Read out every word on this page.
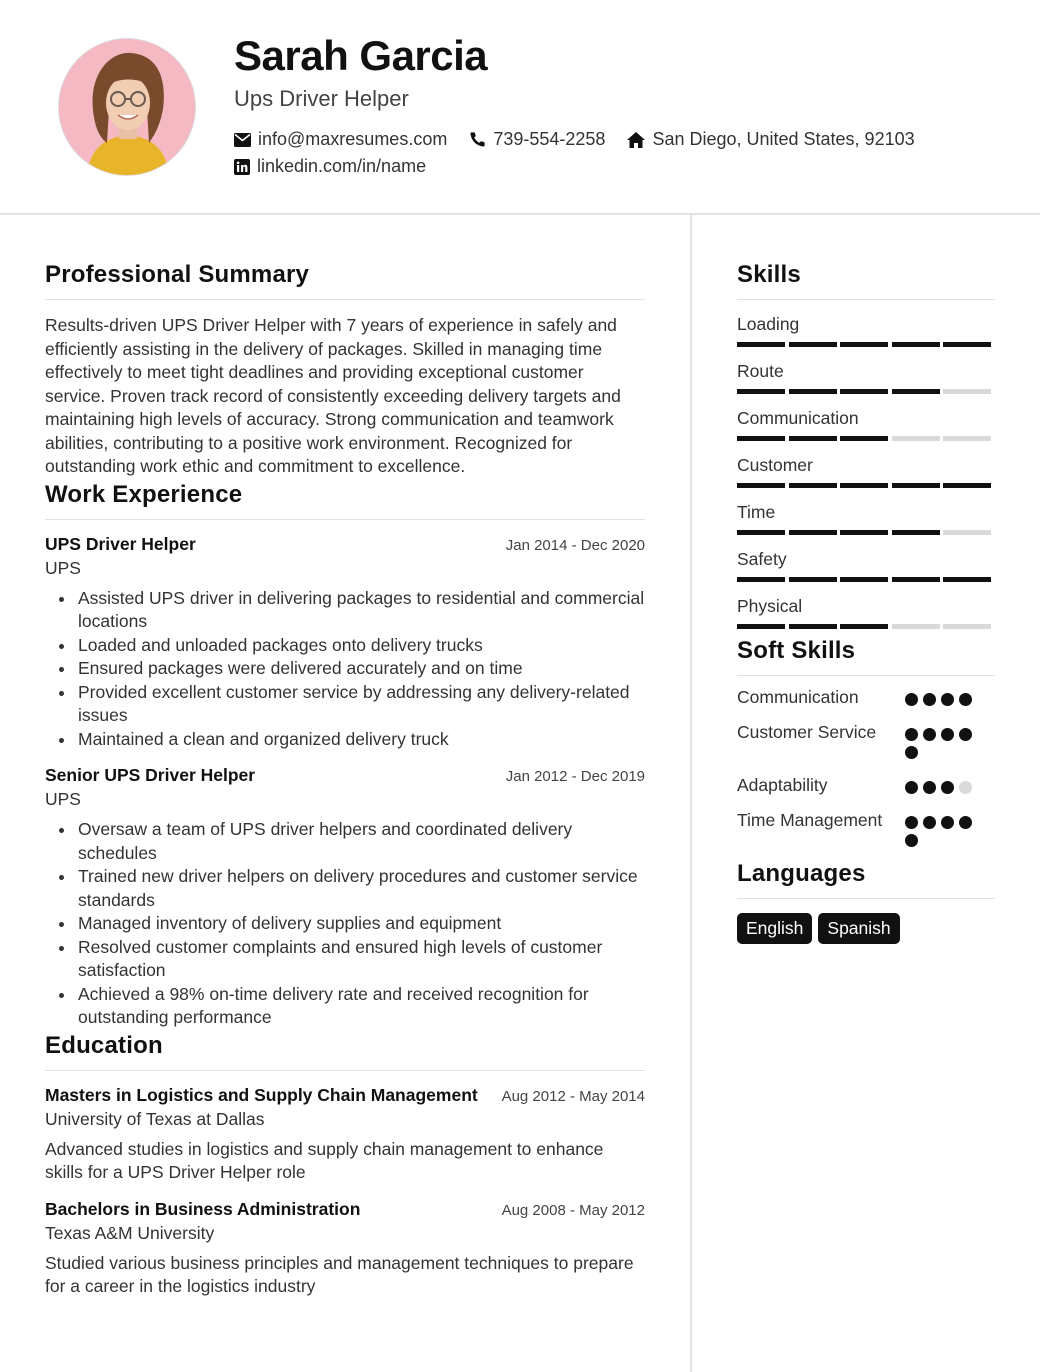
Sarah Garcia
Ups Driver Helper
info@maxresumes.com	739-554-2258	San Diego, United States, 92103
linkedin.com/in/name
Professional Summary

Results-driven UPS Driver Helper with 7 years of experience in safely and efficiently assisting in the delivery of packages. Skilled in managing time effectively to meet tight deadlines and providing exceptional customer service. Proven track record of consistently exceeding delivery targets and maintaining high levels of accuracy. Strong communication and teamwork abilities, contributing to a positive work environment. Recognized for outstanding work ethic and commitment to excellence.

Work Experience
UPS Driver Helper	Jan 2014 - Dec 2020
UPS
Assisted UPS driver in delivering packages to residential and commercial locations
Loaded and unloaded packages onto delivery trucks
Ensured packages were delivered accurately and on time
Provided excellent customer service by addressing any delivery-related issues
Maintained a clean and organized delivery truck
Senior UPS Driver Helper	Jan 2012 - Dec 2019
UPS
Oversaw a team of UPS driver helpers and coordinated delivery schedules
Trained new driver helpers on delivery procedures and customer service standards
Managed inventory of delivery supplies and equipment
Resolved customer complaints and ensured high levels of customer satisfaction
Achieved a 98% on-time delivery rate and received recognition for outstanding performance
Education
Masters in Logistics and Supply Chain Management Aug 2012 - May 2014
University of Texas at Dallas

Advanced studies in logistics and supply chain management to enhance skills for a UPS Driver Helper role

Bachelors in Business Administration	Aug 2008 - May 2012
Texas A&M University

Studied various business principles and management techniques to prepare for a career in the logistics industry

Skills
Loading
Route
Communication
Customer
Time
Safety
Physical
Soft Skills
Communication
Customer Service
Adaptability
Time Management
Languages
English	Spanish
